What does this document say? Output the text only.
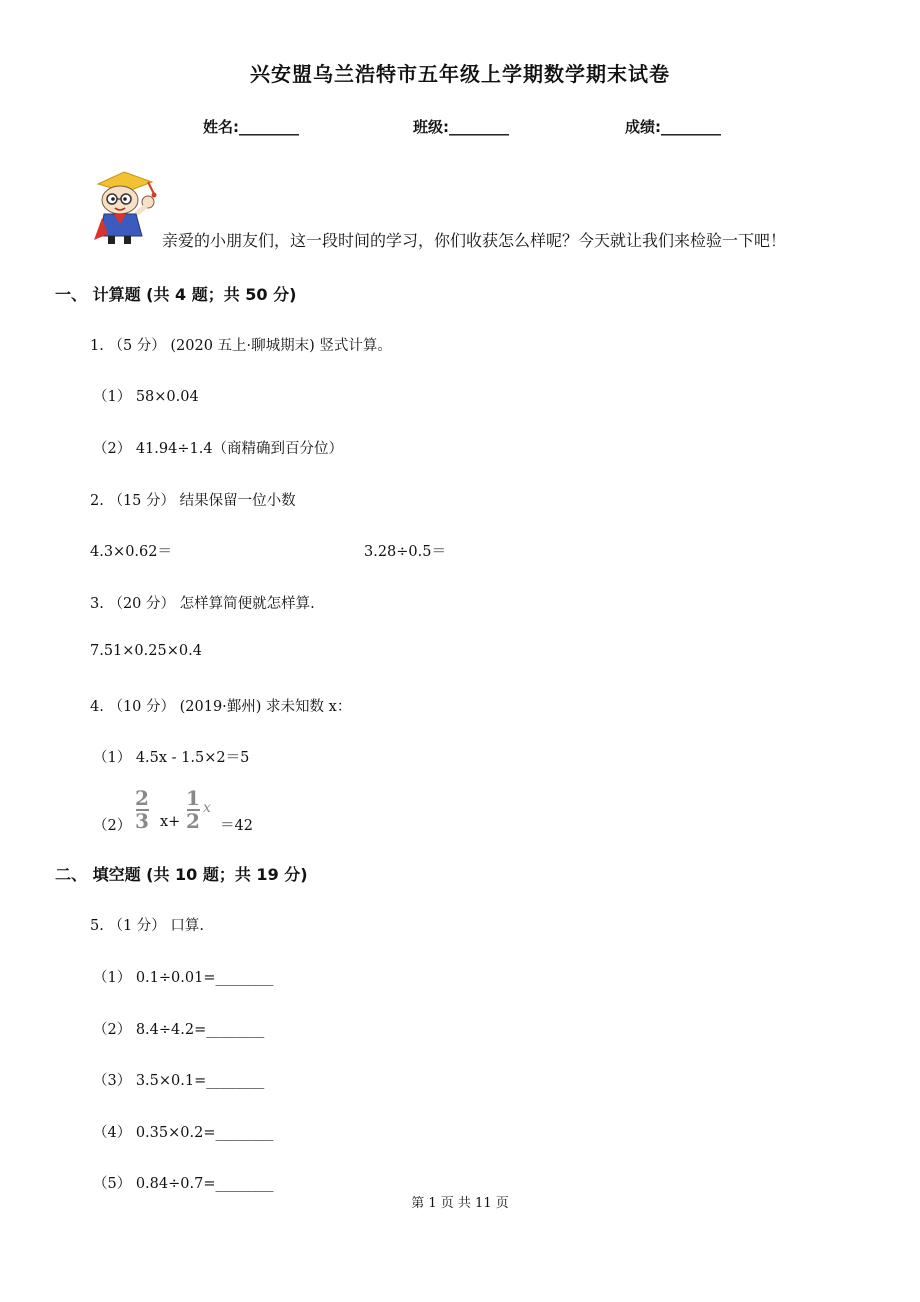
兴安盟乌兰浩特市五年级上学期数学期末试卷
姓名:________	班级:________	成绩:________
亲爱的小朋友们，这一段时间的学习，你们收获怎么样呢？今天就让我们来检验一下吧！
一、 计算题 (共 4 题；共 50 分)
1. （5 分） (2020 五上·聊城期末) 竖式计算。
（1） 58×0.04
（2） 41.94÷1.4（商精确到百分位）
2. （15 分） 结果保留一位小数
4.3×0.62＝	3.28÷0.5＝
3. （20 分） 怎样算简便就怎样算.
7.51×0.25×0.4
4. （10 分） (2019·鄞州) 求未知数 x：
（1） 4.5x - 1.5×2＝5
（2）
2
3 x+
1
2
x
＝42
二、 填空题 (共 10 题；共 19 分)
5. （1 分） 口算.
（1） 0.1÷0.01=________
（2） 8.4÷4.2=________
（3） 3.5×0.1=________
（4） 0.35×0.2=________
（5） 0.84÷0.7=________
第 1 页 共 11 页
